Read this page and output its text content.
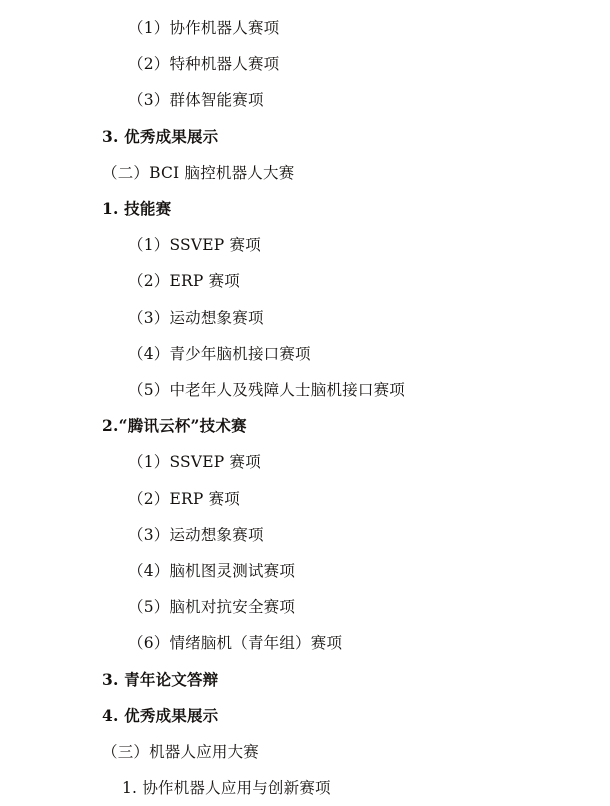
（1）协作机器人赛项
（2）特种机器人赛项
（3）群体智能赛项
3. 优秀成果展示
（二）BCI 脑控机器人大赛
1. 技能赛
（1）SSVEP 赛项
（2）ERP 赛项
（3）运动想象赛项
（4）青少年脑机接口赛项
（5）中老年人及残障人士脑机接口赛项
2.“腾讯云杯”技术赛
（1）SSVEP 赛项
（2）ERP 赛项
（3）运动想象赛项
（4）脑机图灵测试赛项
（5）脑机对抗安全赛项
（6）情绪脑机（青年组）赛项
3. 青年论文答辩
4. 优秀成果展示
（三）机器人应用大赛
1. 协作机器人应用与创新赛项
